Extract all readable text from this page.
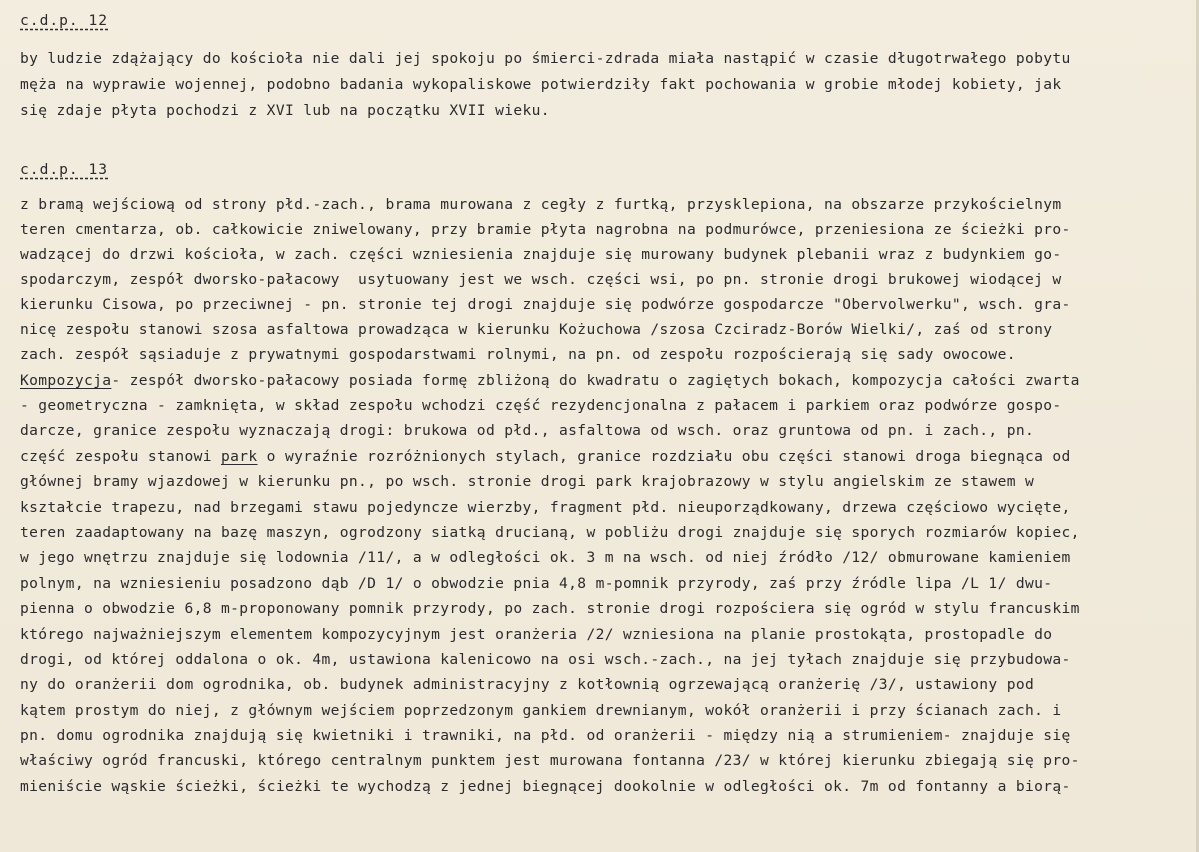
c.d.p. 12
by ludzie zdążający do kościoła nie dali jej spokoju po śmierci-zdrada miała nastąpić w czasie długotrwałego pobytu
męża na wyprawie wojennej, podobno badania wykopaliskowe potwierdziły fakt pochowania w grobie młodej kobiety, jak
się zdaje płyta pochodzi z XVI lub na początku XVII wieku.
c.d.p. 13
z bramą wejściową od strony płd.-zach., brama murowana z cegły z furtką, przysklepiona, na obszarze przykościelnym
teren cmentarza, ob. całkowicie zniwelowany, przy bramie płyta nagrobna na podmurówce, przeniesiona ze ścieżki pro-
wadzącej do drzwi kościoła, w zach. części wzniesienia znajduje się murowany budynek plebanii wraz z budynkiem go-
spodarczym, zespół dworsko-pałacowy  usytuowany jest we wsch. części wsi, po pn. stronie drogi brukowej wiodącej w
kierunku Cisowa, po przeciwnej - pn. stronie tej drogi znajduje się podwórze gospodarcze "Obervolwerku", wsch. gra-
nicę zespołu stanowi szosa asfaltowa prowadząca w kierunku Kożuchowa /szosa Czciradz-Borów Wielki/, zaś od strony
zach. zespół sąsiaduje z prywatnymi gospodarstwami rolnymi, na pn. od zespołu rozpościerają się sady owocowe.
Kompozycja- zespół dworsko-pałacowy posiada formę zbliżoną do kwadratu o zagiętych bokach, kompozycja całości zwarta
- geometryczna - zamknięta, w skład zespołu wchodzi część rezydencjonalna z pałacem i parkiem oraz podwórze gospo-
darcze, granice zespołu wyznaczają drogi: brukowa od płd., asfaltowa od wsch. oraz gruntowa od pn. i zach., pn.
część zespołu stanowi park o wyraźnie rozróżnionych stylach, granice rozdziału obu części stanowi droga biegnąca od
głównej bramy wjazdowej w kierunku pn., po wsch. stronie drogi park krajobrazowy w stylu angielskim ze stawem w
kształcie trapezu, nad brzegami stawu pojedyncze wierzby, fragment płd. nieuporządkowany, drzewa częściowo wycięte,
teren zaadaptowany na bazę maszyn, ogrodzony siatką drucianą, w pobliżu drogi znajduje się sporych rozmiarów kopiec,
w jego wnętrzu znajduje się lodownia /11/, a w odległości ok. 3 m na wsch. od niej źródło /12/ obmurowane kamieniem
polnym, na wzniesieniu posadzono dąb /D 1/ o obwodzie pnia 4,8 m-pomnik przyrody, zaś przy źródle lipa /L 1/ dwu-
pienna o obwodzie 6,8 m-proponowany pomnik przyrody, po zach. stronie drogi rozpościera się ogród w stylu francuskim
którego najważniejszym elementem kompozycyjnym jest oranżeria /2/ wzniesiona na planie prostokąta, prostopadle do
drogi, od której oddalona o ok. 4m, ustawiona kalenicowo na osi wsch.-zach., na jej tyłach znajduje się przybudowa-
ny do oranżerii dom ogrodnika, ob. budynek administracyjny z kotłownią ogrzewającą oranżerię /3/, ustawiony pod
kątem prostym do niej, z głównym wejściem poprzedzonym gankiem drewnianym, wokół oranżerii i przy ścianach zach. i
pn. domu ogrodnika znajdują się kwietniki i trawniki, na płd. od oranżerii - między nią a strumieniem- znajduje się
właściwy ogród francuski, którego centralnym punktem jest murowana fontanna /23/ w której kierunku zbiegają się pro-
mieniście wąskie ścieżki, ścieżki te wychodzą z jednej biegnącej dookolnie w odległości ok. 7m od fontanny a biorą-
